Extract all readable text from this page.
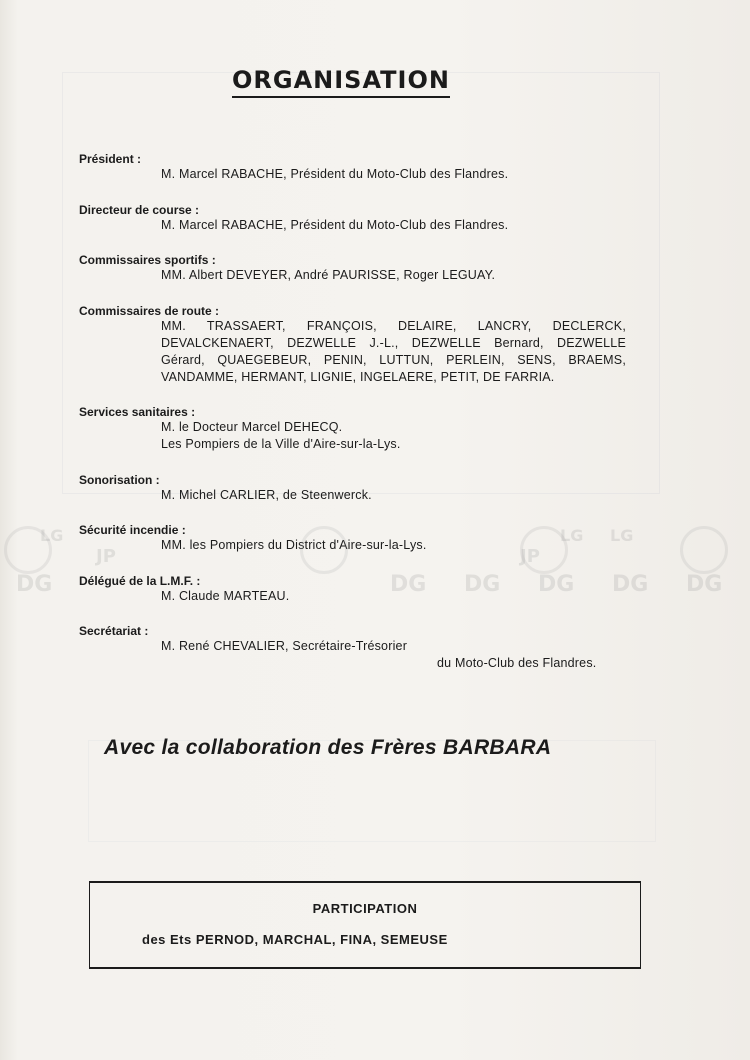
ORGANISATION
Président :
M. Marcel RABACHE, Président du Moto-Club des Flandres.
Directeur de course :
M. Marcel RABACHE, Président du Moto-Club des Flandres.
Commissaires sportifs :
MM. Albert DEVEYER, André PAURISSE, Roger LEGUAY.
Commissaires de route :
MM. TRASSAERT, FRANÇOIS, DELAIRE, LANCRY, DECLERCK,
DEVALCKENAERT, DEZWELLE J.-L., DEZWELLE Bernard, DEZWELLE
Gérard, QUAEGEBEUR, PENIN, LUTTUN, PERLEIN, SENS, BRAEMS,
VANDAMME, HERMANT, LIGNIE, INGELAERE, PETIT, DE FARRIA.
Services sanitaires :
M. le Docteur Marcel DEHECQ.
Les Pompiers de la Ville d'Aire-sur-la-Lys.
Sonorisation :
M. Michel CARLIER, de Steenwerck.
Sécurité incendie :
MM. les Pompiers du District d'Aire-sur-la-Lys.
Délégué de la L.M.F. :
M. Claude MARTEAU.
Secrétariat :
M. René CHEVALIER, Secrétaire-Trésorier
du Moto-Club des Flandres.
Avec la collaboration des Frères BARBARA
PARTICIPATION
des Ets PERNOD, MARCHAL, FINA, SEMEUSE
LG	LG LG
JP	JP
DG	DG DG DG DG DG
